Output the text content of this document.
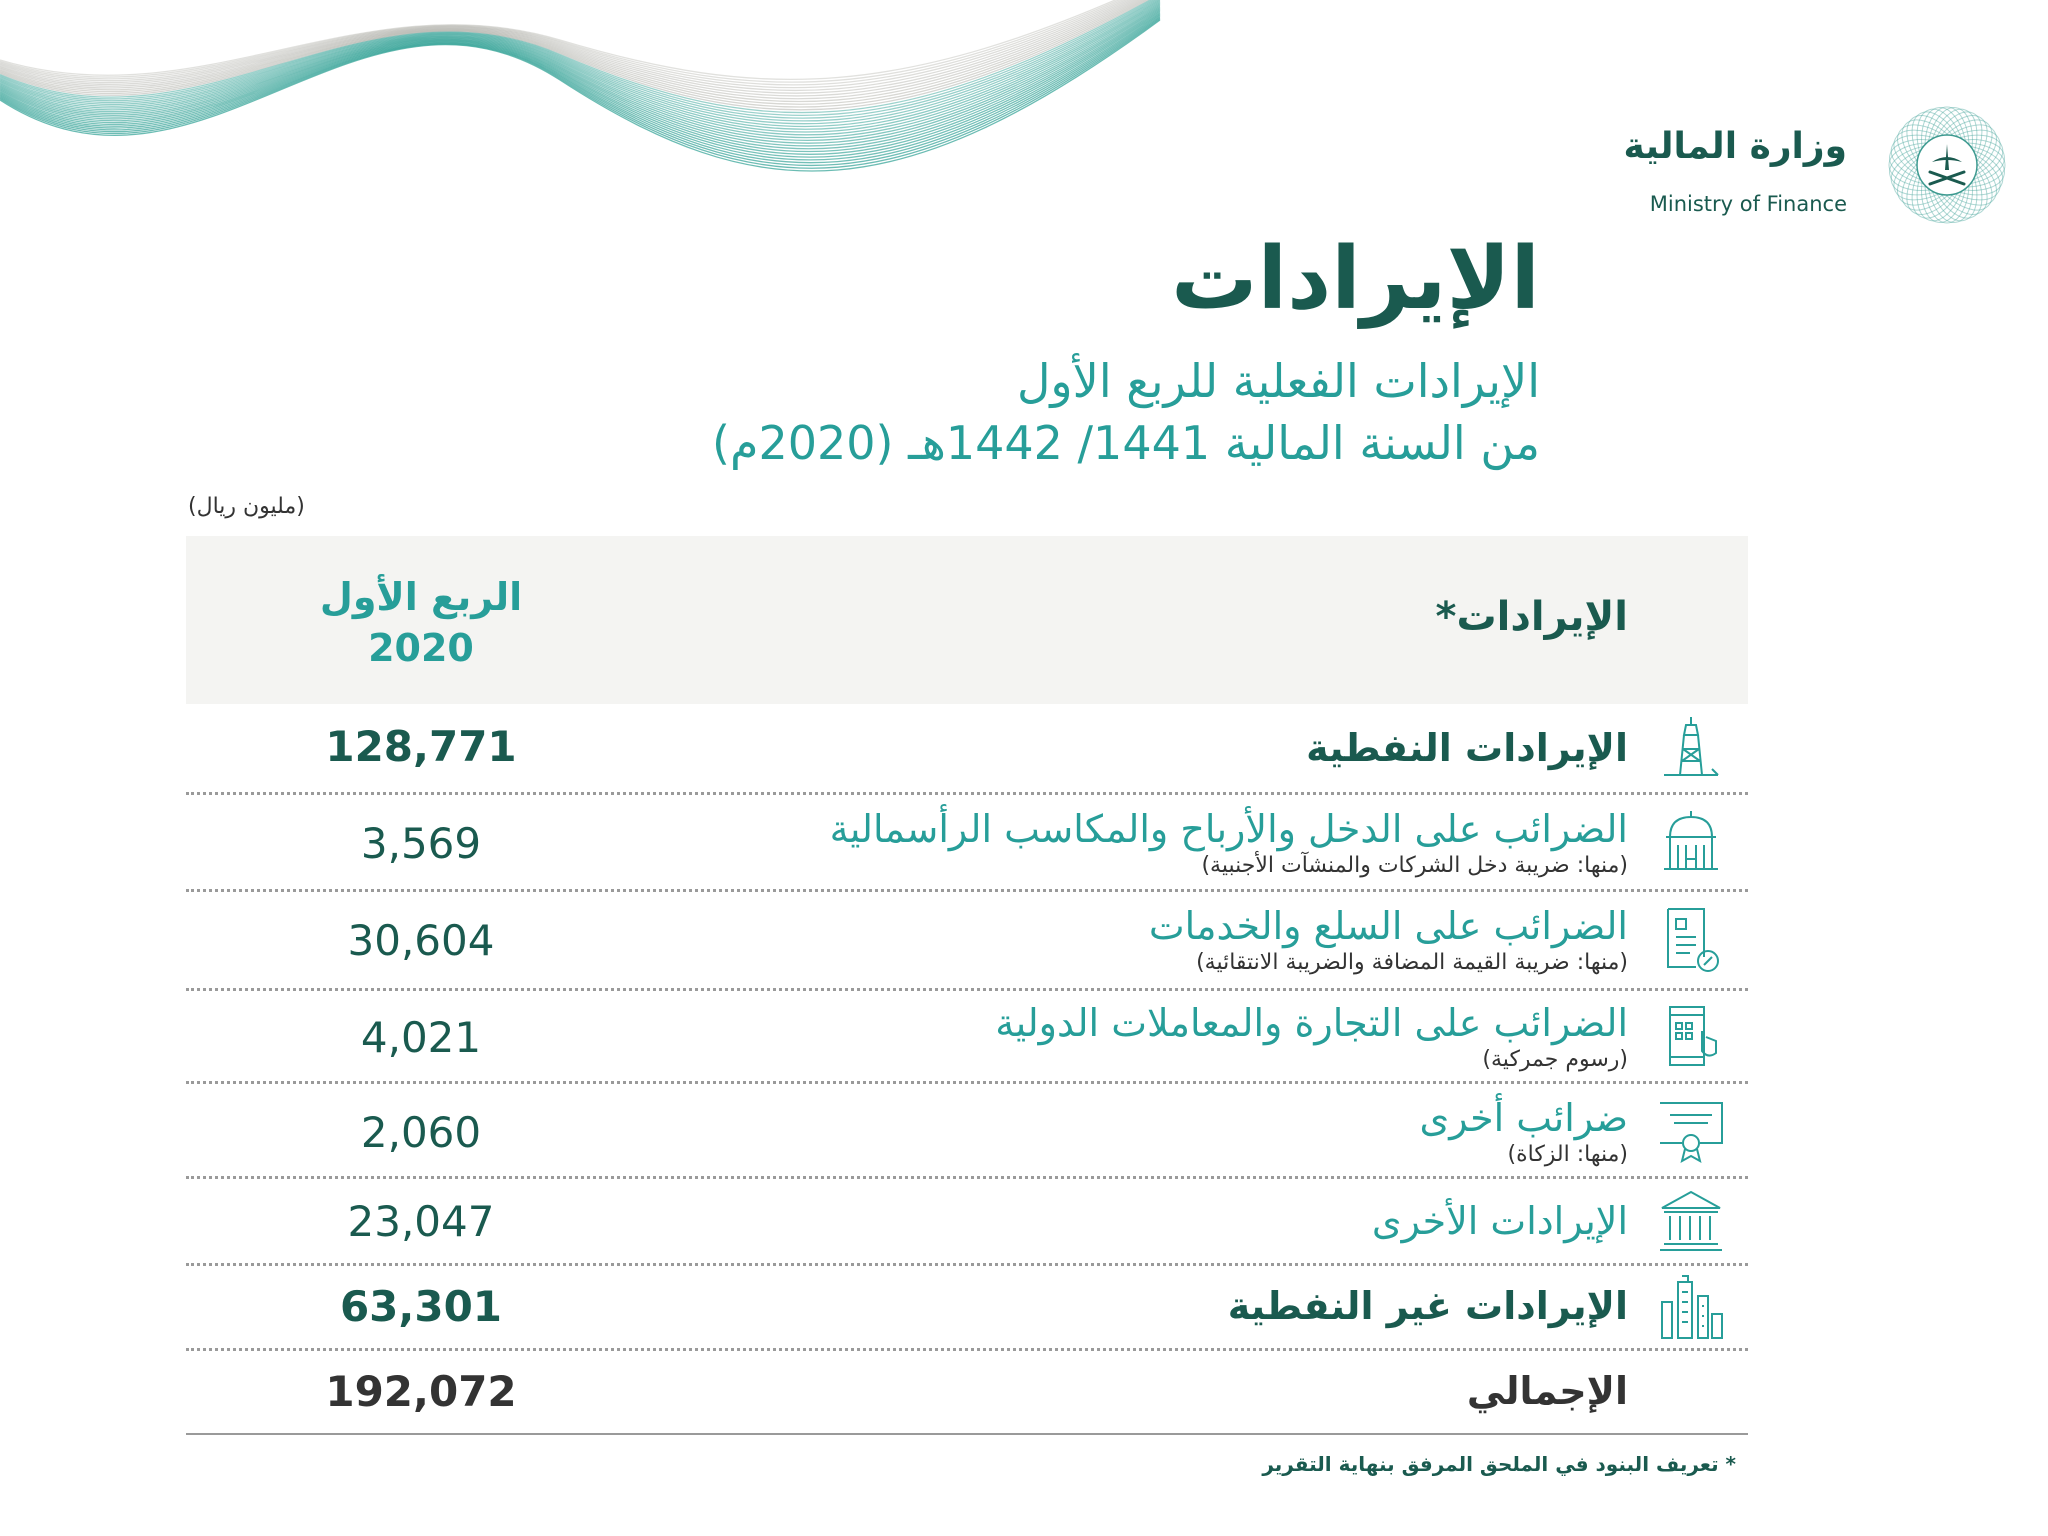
وزارة المالية
Ministry of Finance
الإيرادات
الإيرادات الفعلية للربع الأول
من السنة المالية 1441/ 1442هـ (2020م)
(مليون ريال)
الإيرادات*
الربع الأول
2020
الإيرادات النفطية
128,771
الضرائب على الدخل والأرباح والمكاسب الرأسمالية
(منها: ضريبة دخل الشركات والمنشآت الأجنبية)
3,569
الضرائب على السلع والخدمات
(منها: ضريبة القيمة المضافة والضريبة الانتقائية)
30,604
الضرائب على التجارة والمعاملات الدولية
(رسوم جمركية)
4,021
ضرائب أخرى
(منها: الزكاة)
2,060
الإيرادات الأخرى
23,047
الإيرادات غير النفطية
63,301
الإجمالي
192,072
* تعريف البنود في الملحق المرفق بنهاية التقرير
